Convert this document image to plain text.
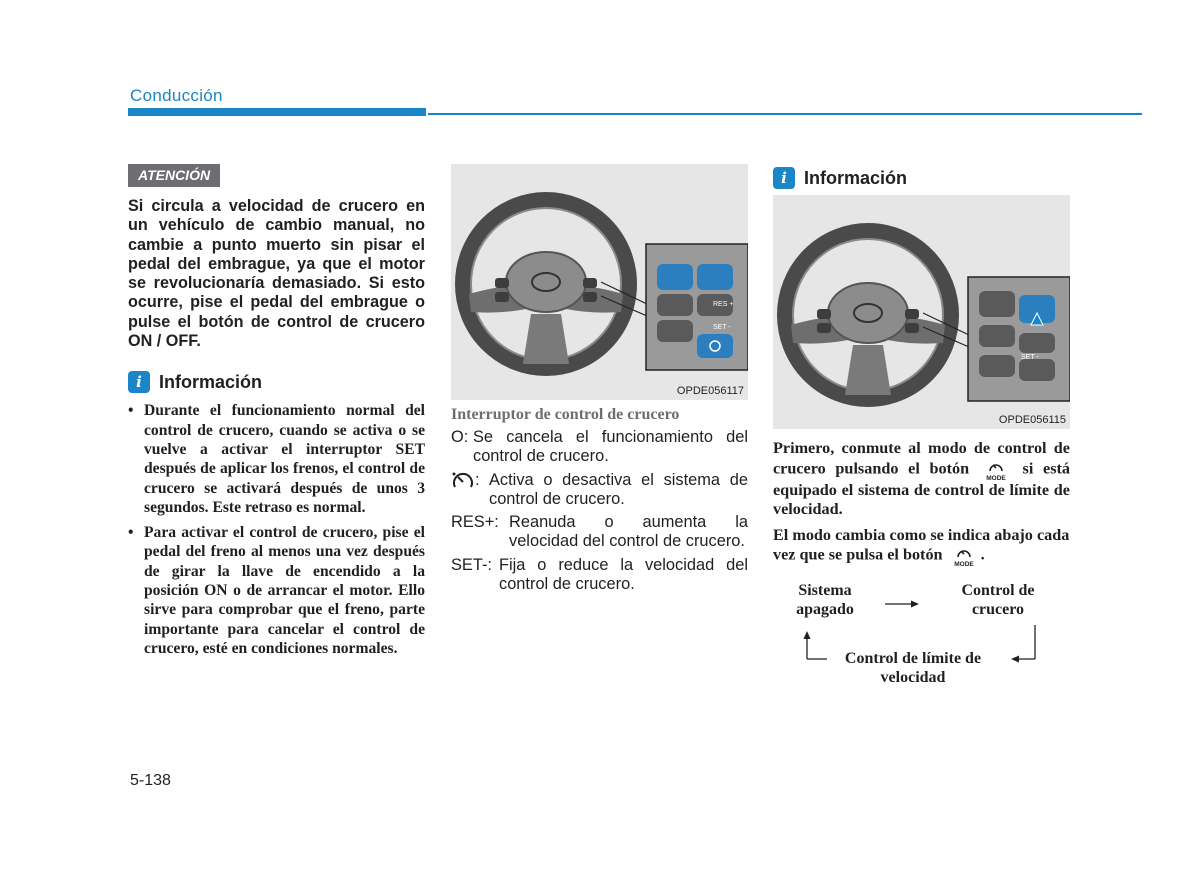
Conducción
ATENCIÓN
Si circula a velocidad de crucero en un vehículo de cambio manual, no cambie a punto muerto sin pisar el pedal del embrague, ya que el motor se revolucionaría demasiado. Si esto ocurre, pise el pedal del embrague o pulse el botón de control de crucero ON / OFF.
i Información
• Durante el funcionamiento normal del control de crucero, cuando se activa o se vuelve a activar el interruptor SET después de aplicar los frenos, el control de crucero se activará después de unos 3 segundos. Este retraso es normal.
• Para activar el control de crucero, pise el pedal del freno al menos una vez después de girar la llave de encendido a la posición ON o de arrancar el motor. Ello sirve para comprobar que el freno, parte importante para cancelar el control de crucero, esté en condiciones normales.
RES +
SET -
OPDE056117
Interruptor de control de crucero
O: Se cancela el funcionamiento del control de crucero.
: Activa o desactiva el sistema de control de crucero.
RES+: Reanuda o aumenta la velocidad del control de crucero.
SET-: Fija o reduce la velocidad del control de crucero.
i Información
SET -
OPDE056115
Primero, conmute al modo de control de crucero pulsando el botón
MODE
si está equipado el sistema de control de límite de velocidad.
El modo cambia como se indica abajo cada vez que se pulsa el botón
MODE
.
Sistema apagado
Control de crucero
Control de límite de velocidad
5-138
